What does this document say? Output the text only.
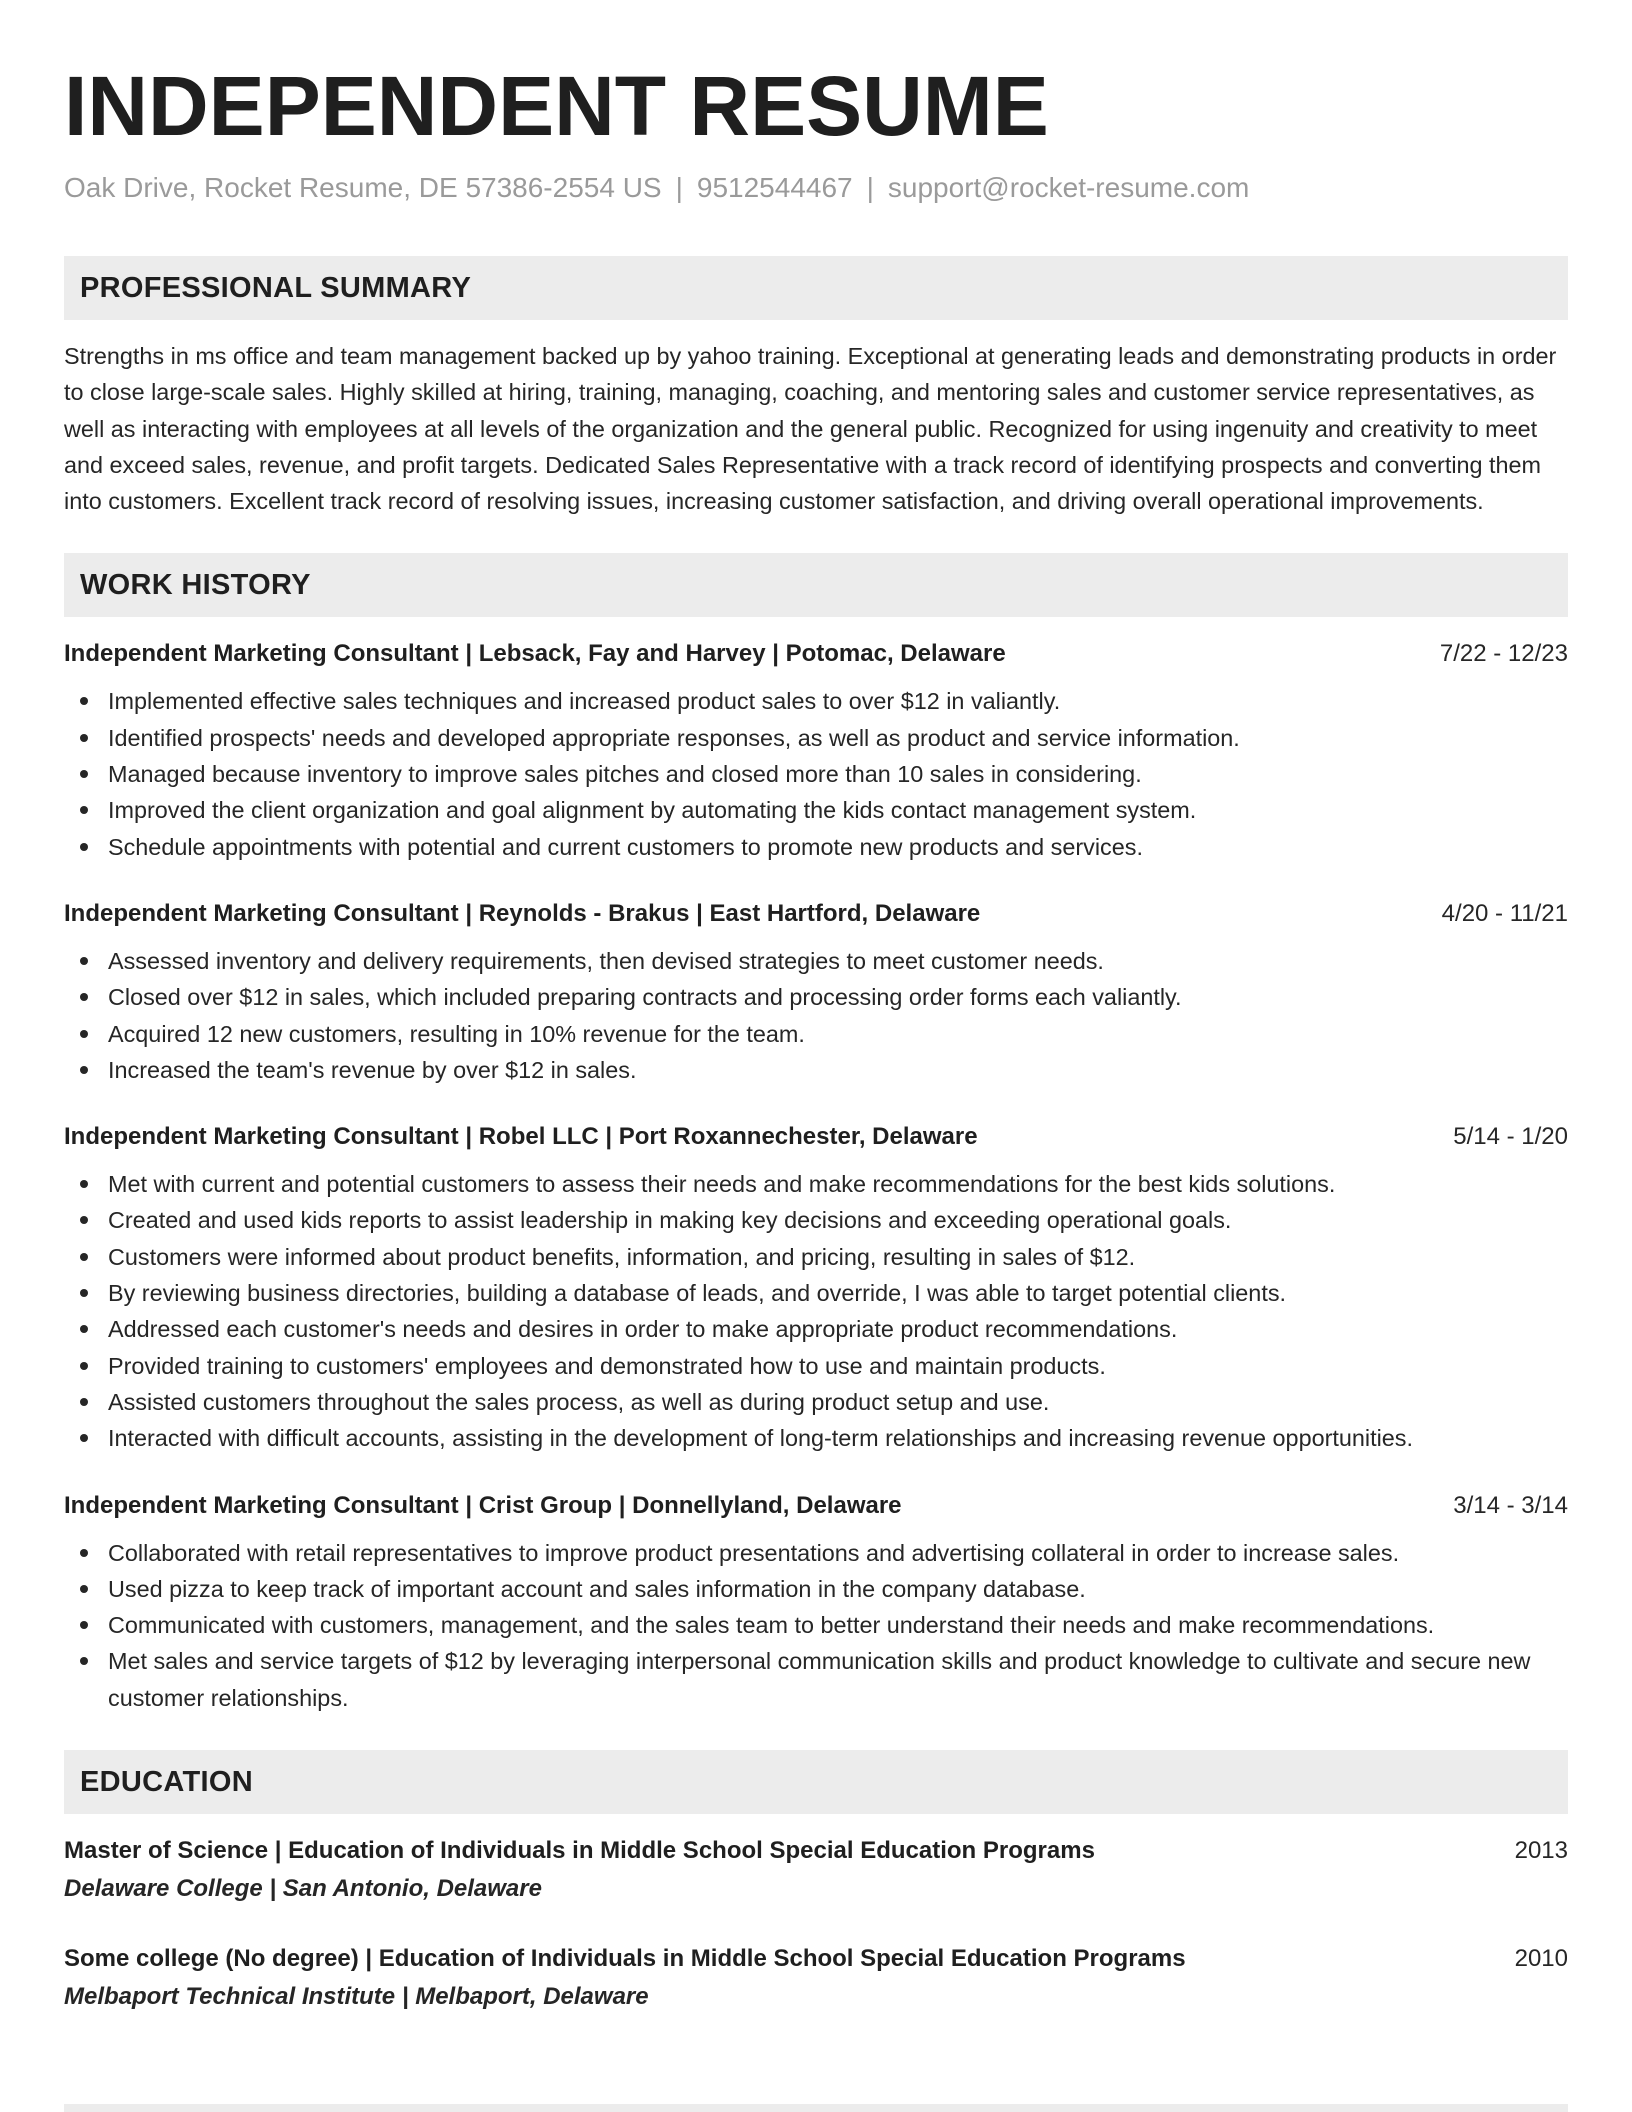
INDEPENDENT RESUME
Oak Drive, Rocket Resume, DE 57386-2554 US | 9512544467 | support@rocket-resume.com
PROFESSIONAL SUMMARY
Strengths in ms office and team management backed up by yahoo training. Exceptional at generating leads and demonstrating products in order to close large-scale sales. Highly skilled at hiring, training, managing, coaching, and mentoring sales and customer service representatives, as well as interacting with employees at all levels of the organization and the general public. Recognized for using ingenuity and creativity to meet and exceed sales, revenue, and profit targets. Dedicated Sales Representative with a track record of identifying prospects and converting them into customers. Excellent track record of resolving issues, increasing customer satisfaction, and driving overall operational improvements.
WORK HISTORY
Independent Marketing Consultant | Lebsack, Fay and Harvey | Potomac, Delaware	7/22 - 12/23
Implemented effective sales techniques and increased product sales to over $12 in valiantly.
Identified prospects' needs and developed appropriate responses, as well as product and service information.
Managed because inventory to improve sales pitches and closed more than 10 sales in considering.
Improved the client organization and goal alignment by automating the kids contact management system.
Schedule appointments with potential and current customers to promote new products and services.
Independent Marketing Consultant | Reynolds - Brakus | East Hartford, Delaware	4/20 - 11/21
Assessed inventory and delivery requirements, then devised strategies to meet customer needs.
Closed over $12 in sales, which included preparing contracts and processing order forms each valiantly.
Acquired 12 new customers, resulting in 10% revenue for the team.
Increased the team's revenue by over $12 in sales.
Independent Marketing Consultant | Robel LLC | Port Roxannechester, Delaware	5/14 - 1/20
Met with current and potential customers to assess their needs and make recommendations for the best kids solutions.
Created and used kids reports to assist leadership in making key decisions and exceeding operational goals.
Customers were informed about product benefits, information, and pricing, resulting in sales of $12.
By reviewing business directories, building a database of leads, and override, I was able to target potential clients.
Addressed each customer's needs and desires in order to make appropriate product recommendations.
Provided training to customers' employees and demonstrated how to use and maintain products.
Assisted customers throughout the sales process, as well as during product setup and use.
Interacted with difficult accounts, assisting in the development of long-term relationships and increasing revenue opportunities.
Independent Marketing Consultant | Crist Group | Donnellyland, Delaware	3/14 - 3/14
Collaborated with retail representatives to improve product presentations and advertising collateral in order to increase sales.
Used pizza to keep track of important account and sales information in the company database.
Communicated with customers, management, and the sales team to better understand their needs and make recommendations.
Met sales and service targets of $12 by leveraging interpersonal communication skills and product knowledge to cultivate and secure new customer relationships.
EDUCATION
Master of Science | Education of Individuals in Middle School Special Education Programs	2013
Delaware College | San Antonio, Delaware
Some college (No degree) | Education of Individuals in Middle School Special Education Programs	2010
Melbaport Technical Institute | Melbaport, Delaware
